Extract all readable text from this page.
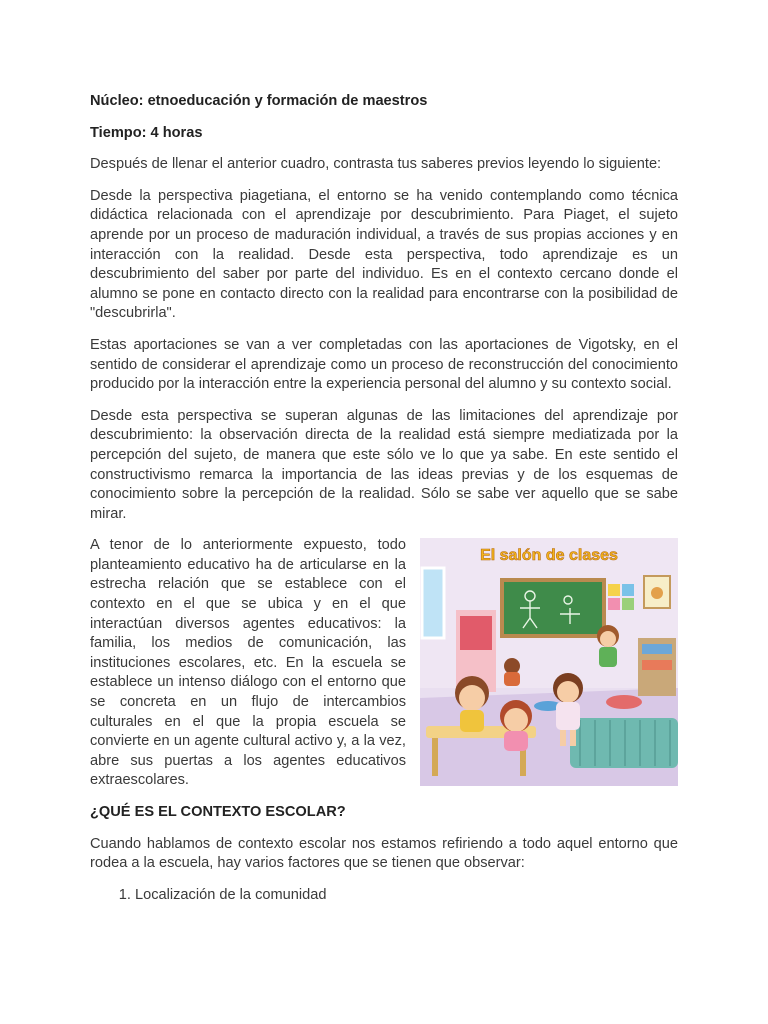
Núcleo: etnoeducación y formación de maestros
Tiempo: 4 horas

Después de llenar el anterior cuadro, contrasta tus saberes previos leyendo lo siguiente:

Desde la perspectiva piagetiana, el entorno se ha venido contemplando como técnica didáctica relacionada con el aprendizaje por descubrimiento. Para Piaget, el sujeto aprende por un proceso de maduración individual, a través de sus propias acciones y en interacción con la realidad. Desde esta perspectiva, todo aprendizaje es un descubrimiento del saber por parte del individuo. Es en el contexto cercano donde el alumno se pone en contacto directo con la realidad para encontrarse con la posibilidad de "descubrirla".

Estas aportaciones se van a ver completadas con las aportaciones de Vigotsky, en el sentido de considerar el aprendizaje como un proceso de reconstrucción del conocimiento producido por la interacción entre la experiencia personal del alumno y su contexto social.

Desde esta perspectiva se superan algunas de las limitaciones del aprendizaje por descubrimiento: la observación directa de la realidad está siempre mediatizada por la percepción del sujeto, de manera que este sólo ve lo que ya sabe. En este sentido el constructivismo remarca la importancia de las ideas previas y de los esquemas de conocimiento sobre la percepción de la realidad. Sólo se sabe ver aquello que se sabe mirar.

El salón de clases

A tenor de lo anteriormente expuesto, todo planteamiento educativo ha de articularse en la estrecha relación que se establece con el contexto en el que se ubica y en el que interactúan diversos agentes educativos: la familia, los medios de comunicación, las instituciones escolares, etc. En la escuela se establece un intenso diálogo con el entorno que se concreta en un flujo de intercambios culturales en el que la propia escuela se convierte en un agente cultural activo y, a la vez, abre sus puertas a los agentes educativos extraescolares.

¿QUÉ ES EL CONTEXTO ESCOLAR?

Cuando hablamos de contexto escolar nos estamos refiriendo a todo aquel entorno que rodea a la escuela, hay varios factores que se tienen que observar:

1. Localización de la comunidad
